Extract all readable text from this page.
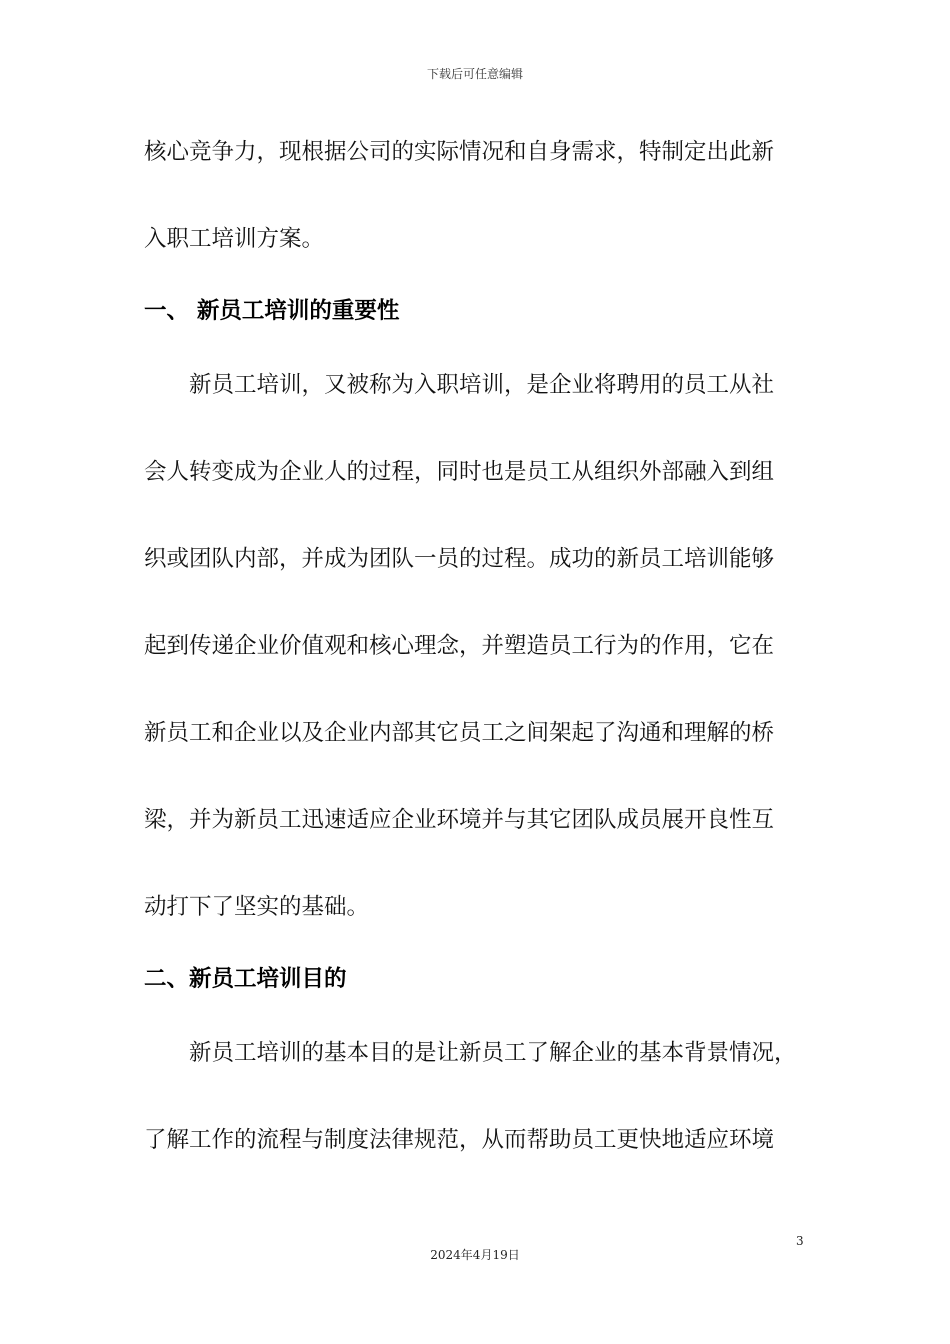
下载后可任意编辑
核心竞争力，现根据公司的实际情况和自身需求，特制定出此新
入职工培训方案。
一、 新员工培训的重要性
　　新员工培训，又被称为入职培训，是企业将聘用的员工从社
会人转变成为企业人的过程，同时也是员工从组织外部融入到组
织或团队内部，并成为团队一员的过程。成功的新员工培训能够
起到传递企业价值观和核心理念，并塑造员工行为的作用，它在
新员工和企业以及企业内部其它员工之间架起了沟通和理解的桥
梁，并为新员工迅速适应企业环境并与其它团队成员展开良性互
动打下了坚实的基础。
二、新员工培训目的
　　新员工培训的基本目的是让新员工了解企业的基本背景情况，
了解工作的流程与制度法律规范，从而帮助员工更快地适应环境
3
2024年4月19日
